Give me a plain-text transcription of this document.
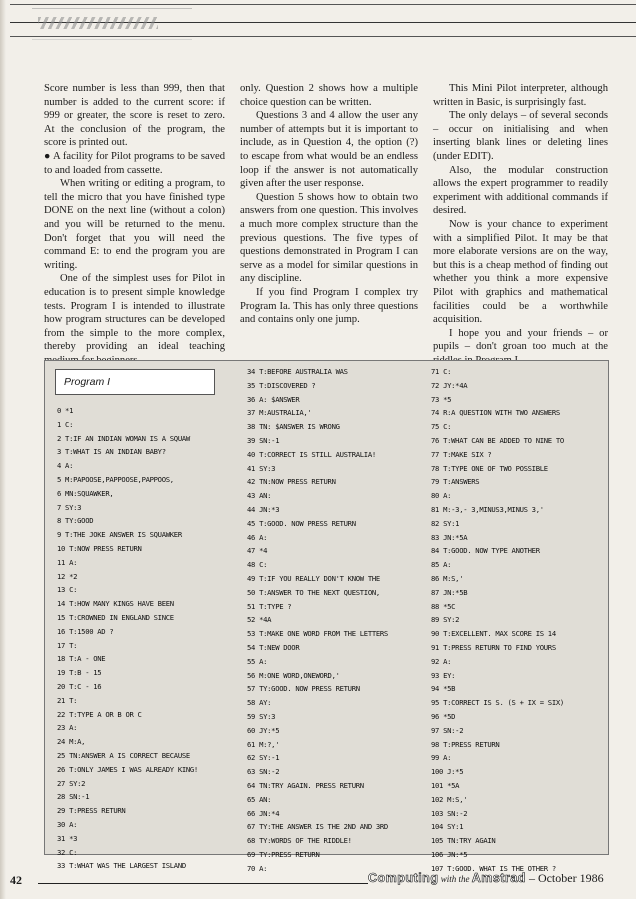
Score number is less than 999, then that number is added to the current score: if 999 or greater, the score is reset to zero. At the conclusion of the program, the score is printed out.

● A facility for Pilot programs to be saved to and loaded from cassette.

When writing or editing a program, to tell the micro that you have finished type DONE on the next line (without a colon) and you will be returned to the menu. Don't forget that you will need the command E: to end the program you are writing.

One of the simplest uses for Pilot in education is to present simple knowledge tests. Program I is intended to illustrate how program structures can be developed from the simple to the more complex, thereby providing an ideal teaching

only. Question 2 shows how a multiple choice question can be written.

Questions 3 and 4 allow the user any number of attempts but it is important to include, as in Question 4, the option (?) to escape from what would be an endless loop if the answer is not automatically given after the user response.

Question 5 shows how to obtain two answers from one question. This involves a much more complex structure than the previous questions. The five types of questions demonstrated in Program I can serve as a model for similar questions in any discipline.

If you find Program I complex try Program Ia. This has only three questions and contains only one jump.

This Mini Pilot interpreter, although written in Basic, is surprisingly fast.

The only delays – of several seconds – occur on initialising and when inserting blank lines or deleting lines (under EDIT).

Also, the modular construction allows the expert programmer to readily experiment with additional commands if desired.

Now is your chance to experiment with a simplified Pilot. It may be that more elaborate versions are on the way, but this is a cheap method of finding out whether you think a more expensive Pilot with graphics and mathematical facilities could be a worthwhile acquisition.

I hope you and your friends – or pupils – don't groan too much at the

Program I
0 *1
1 C:
2 T:IF AN INDIAN WOMAN IS A SQUAW
3 T:WHAT IS AN INDIAN BABY?
4 A:
5 M:PAPOOSE,PAPPOOSE,PAPPOOS,
6 MN:SQUAWKER,
7 SY:3
8 TY:GOOD
9 T:THE JOKE ANSWER IS SQUAWKER
10 T:NOW PRESS RETURN
11 A:
12 *2
13 C:
14 T:HOW MANY KINGS HAVE BEEN
15 T:CROWNED IN ENGLAND SINCE
16 T:1500 AD ?
17 T:
18 T:A - ONE
19 T:B - 15
20 T:C - 16
21 T:
22 T:TYPE A OR B OR C
23 A:
24 M:A,
25 TN:ANSWER A IS CORRECT BECAUSE
26 T:ONLY JAMES I WAS ALREADY KING!
27 SY:2
28 SN:-1
29 T:PRESS RETURN
30 A:
31 *3
32 C:
33 T:WHAT WAS THE LARGEST ISLAND
34 T:BEFORE AUSTRALIA WAS
35 T:DISCOVERED ?
36 A: $ANSWER
37 M:AUSTRALIA,'
38 TN: $ANSWER IS WRONG
39 SN:-1
40 T:CORRECT IS STILL AUSTRALIA!
41 SY:3
42 TN:NOW PRESS RETURN
43 AN:
44 JN:*3
45 T:GOOD. NOW PRESS RETURN
46 A:
47 *4
48 C:
49 T:IF YOU REALLY DON'T KNOW THE
50 T:ANSWER TO THE NEXT QUESTION,
51 T:TYPE ?
52 *4A
53 T:MAKE ONE WORD FROM THE LETTERS
54 T:NEW DOOR
55 A:
56 M:ONE WORD,ONEWORD,'
57 TY:GOOD. NOW PRESS RETURN
58 AY:
59 SY:3
60 JY:*5
61 M:?,'
62 SY:-1
63 SN:-2
64 TN:TRY AGAIN. PRESS RETURN
65 AN:
66 JN:*4
67 TY:THE ANSWER IS THE 2ND AND 3RD
68 TY:WORDS OF THE RIDDLE!
69 TY:PRESS RETURN
70 A:
71 C:
72 JY:*4A
73 *5
74 R:A QUESTION WITH TWO ANSWERS
75 C:
76 T:WHAT CAN BE ADDED TO NINE TO
77 T:MAKE SIX ?
78 T:TYPE ONE OF TWO POSSIBLE
79 T:ANSWERS
80 A:
81 M:-3,- 3,MINUS3,MINUS 3,'
82 SY:1
83 JN:*5A
84 T:GOOD. NOW TYPE ANOTHER
85 A:
86 M:S,'
87 JN:*5B
88 *5C
89 SY:2
90 T:EXCELLENT. MAX SCORE IS 14
91 T:PRESS RETURN TO FIND YOURS
92 A:
93 EY:
94 *5B
95 T:CORRECT IS S. (S + IX = SIX)
96 *5D
97 SN:-2
98 T:PRESS RETURN
99 A:
100 J:*5
101 *5A
102 M:S,'
103 SN:-2
104 SY:1
105 TN:TRY AGAIN
106 JN:*5
107 T:GOOD. WHAT IS THE OTHER ?
42	Computing with the Amstrad – October 1986
